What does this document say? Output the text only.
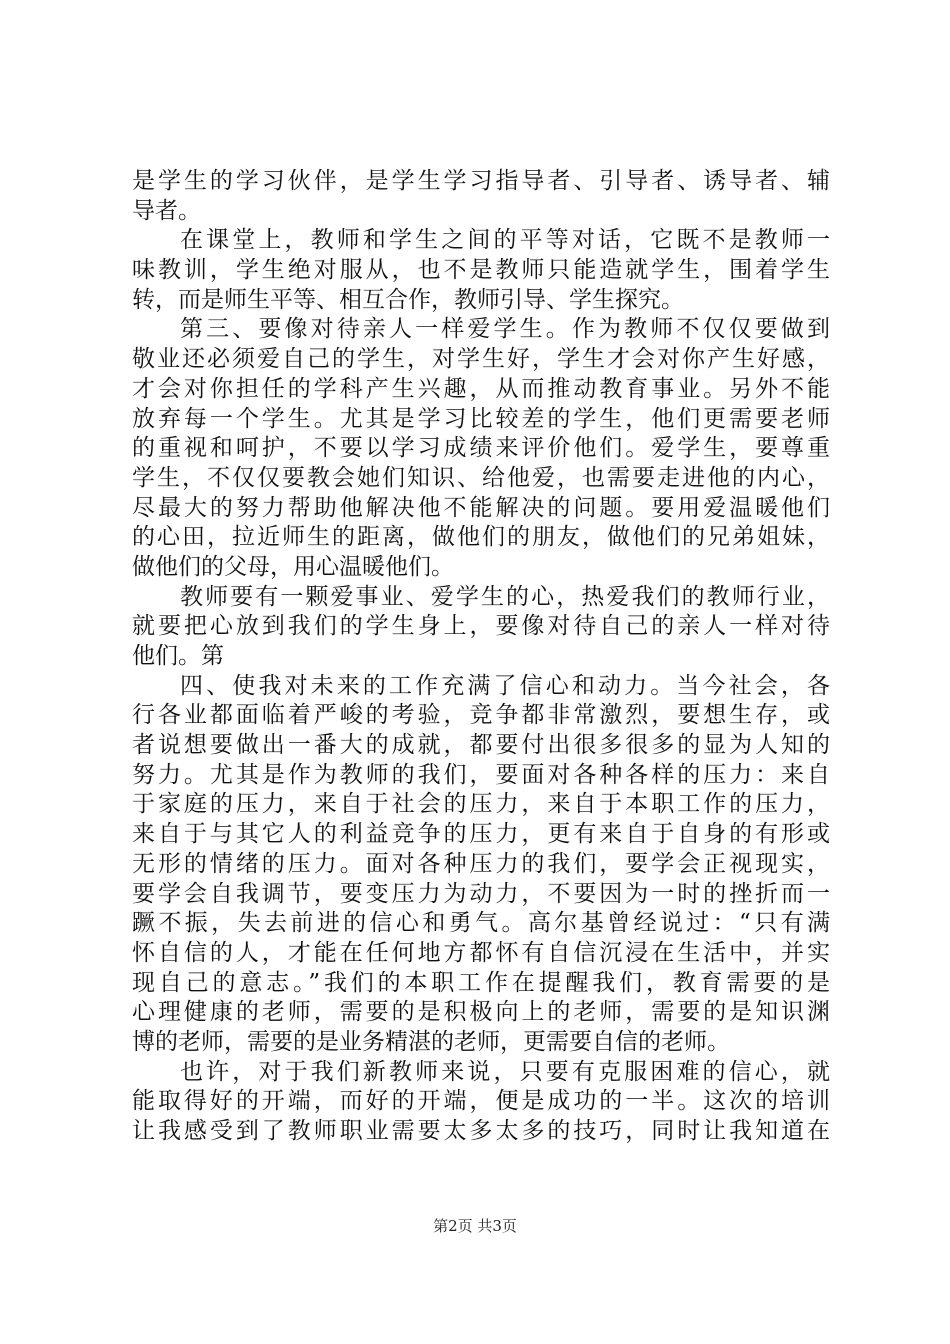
是学生的学习伙伴，是学生学习指导者、引导者、诱导者、辅
导者。
在课堂上，教师和学生之间的平等对话，它既不是教师一
味教训，学生绝对服从，也不是教师只能造就学生，围着学生
转，而是师生平等、相互合作，教师引导、学生探究。
第三、要像对待亲人一样爱学生。作为教师不仅仅要做到
敬业还必须爱自己的学生，对学生好，学生才会对你产生好感，
才会对你担任的学科产生兴趣，从而推动教育事业。另外不能
放弃每一个学生。尤其是学习比较差的学生，他们更需要老师
的重视和呵护，不要以学习成绩来评价他们。爱学生，要尊重
学生，不仅仅要教会她们知识、给他爱，也需要走进他的内心，
尽最大的努力帮助他解决他不能解决的问题。要用爱温暖他们
的心田，拉近师生的距离，做他们的朋友，做他们的兄弟姐妹，
做他们的父母，用心温暖他们。
教师要有一颗爱事业、爱学生的心，热爱我们的教师行业，
就要把心放到我们的学生身上，要像对待自己的亲人一样对待
他们。第
四、使我对未来的工作充满了信心和动力。当今社会，各
行各业都面临着严峻的考验，竞争都非常激烈，要想生存，或
者说想要做出一番大的成就，都要付出很多很多的显为人知的
努力。尤其是作为教师的我们，要面对各种各样的压力：来自
于家庭的压力，来自于社会的压力，来自于本职工作的压力，
来自于与其它人的利益竞争的压力，更有来自于自身的有形或
无形的情绪的压力。面对各种压力的我们，要学会正视现实，
要学会自我调节，要变压力为动力，不要因为一时的挫折而一
蹶不振，失去前进的信心和勇气。高尔基曾经说过：“只有满
怀自信的人，才能在任何地方都怀有自信沉浸在生活中，并实
现自己的意志。”我们的本职工作在提醒我们，教育需要的是
心理健康的老师，需要的是积极向上的老师，需要的是知识渊
博的老师，需要的是业务精湛的老师，更需要自信的老师。
也许，对于我们新教师来说，只要有克服困难的信心，就
能取得好的开端，而好的开端，便是成功的一半。这次的培训
让我感受到了教师职业需要太多太多的技巧，同时让我知道在
第2页 共3页
